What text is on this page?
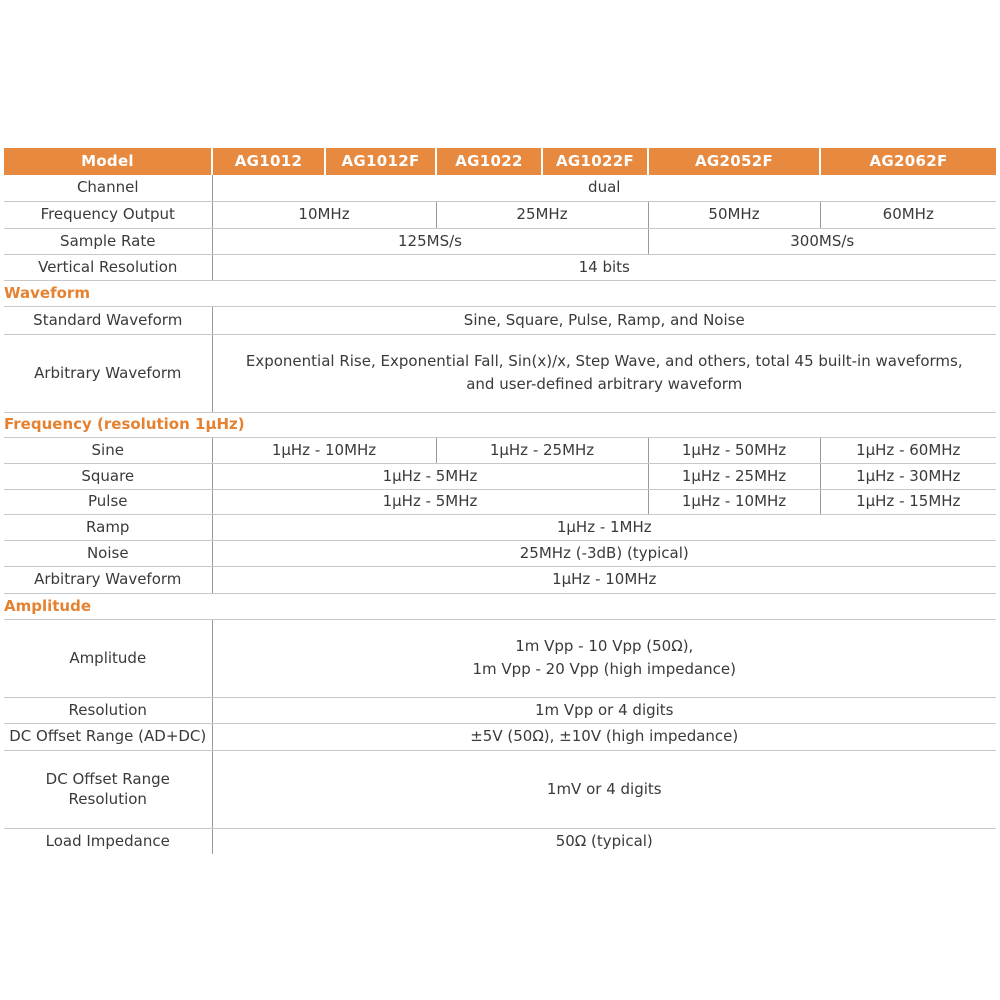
Model	AG1012	AG1012F	AG1022	AG1022F	AG2052F	AG2062F
Channel	dual					
Frequency Output	10MHz		25MHz		50MHz	60MHz
Sample Rate	125MS/s				300MS/s	
Vertical Resolution	14 bits					
Waveform						
Standard Waveform	Sine, Square, Pulse, Ramp, and Noise					
Arbitrary Waveform	Exponential Rise, Exponential Fall, Sin(x)/x, Step Wave, and others, total 45 built-in waveforms,
and user-defined arbitrary waveform					

Frequency (resolution 1μHz)						
Sine	1μHz - 10MHz		1μHz - 25MHz		1μHz - 50MHz	1μHz - 60MHz
Square	1μHz - 5MHz				1μHz - 25MHz	1μHz - 30MHz
Pulse	1μHz - 5MHz				1μHz - 10MHz	1μHz - 15MHz
Ramp	1μHz - 1MHz					
Noise	25MHz (-3dB) (typical)					
Arbitrary Waveform	1μHz - 10MHz					
Amplitude						
Amplitude	1m Vpp - 10 Vpp (50Ω),
1m Vpp - 20 Vpp (high impedance)					

Resolution	1m Vpp or 4 digits					
DC Offset Range (AD+DC)	±5V (50Ω), ±10V (high impedance)					

DC Offset Range
Resolution	1mV or 4 digits					
Load Impedance	50Ω (typical)					
